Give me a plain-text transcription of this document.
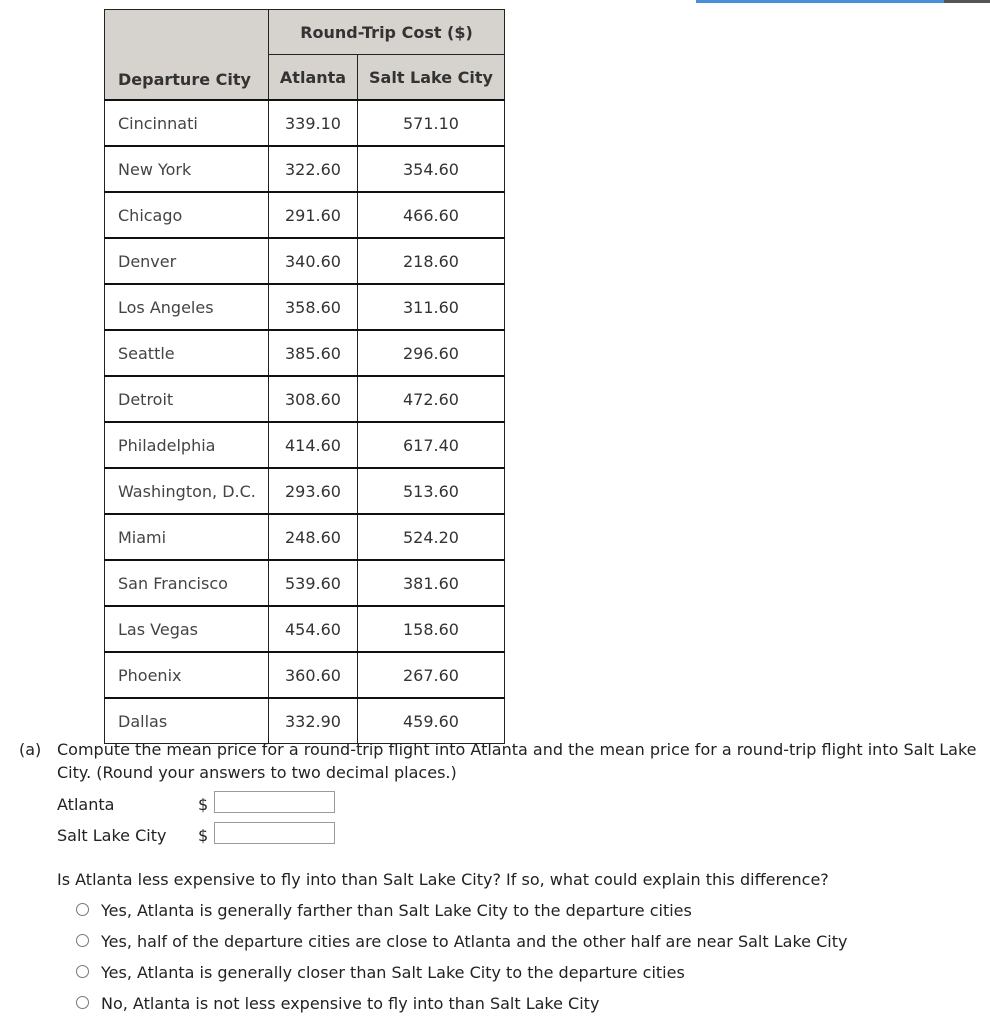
Departure City	Round-Trip Cost ($)	
	Atlanta	Salt Lake City
Cincinnati	339.10	571.10
New York	322.60	354.60
Chicago	291.60	466.60
Denver	340.60	218.60
Los Angeles	358.60	311.60
Seattle	385.60	296.60
Detroit	308.60	472.60
Philadelphia	414.60	617.40
Washington, D.C.	293.60	513.60
Miami	248.60	524.20
San Francisco	539.60	381.60
Las Vegas	454.60	158.60
Phoenix	360.60	267.60
Dallas	332.90	459.60
(a) Compute the mean price for a round-trip flight into Atlanta and the mean price for a round-trip flight into Salt Lake City. (Round your answers to two decimal places.)
Atlanta	$
Salt Lake City $
Is Atlanta less expensive to fly into than Salt Lake City? If so, what could explain this difference?
Yes, Atlanta is generally farther than Salt Lake City to the departure cities
Yes, half of the departure cities are close to Atlanta and the other half are near Salt Lake City
Yes, Atlanta is generally closer than Salt Lake City to the departure cities
No, Atlanta is not less expensive to fly into than Salt Lake City
